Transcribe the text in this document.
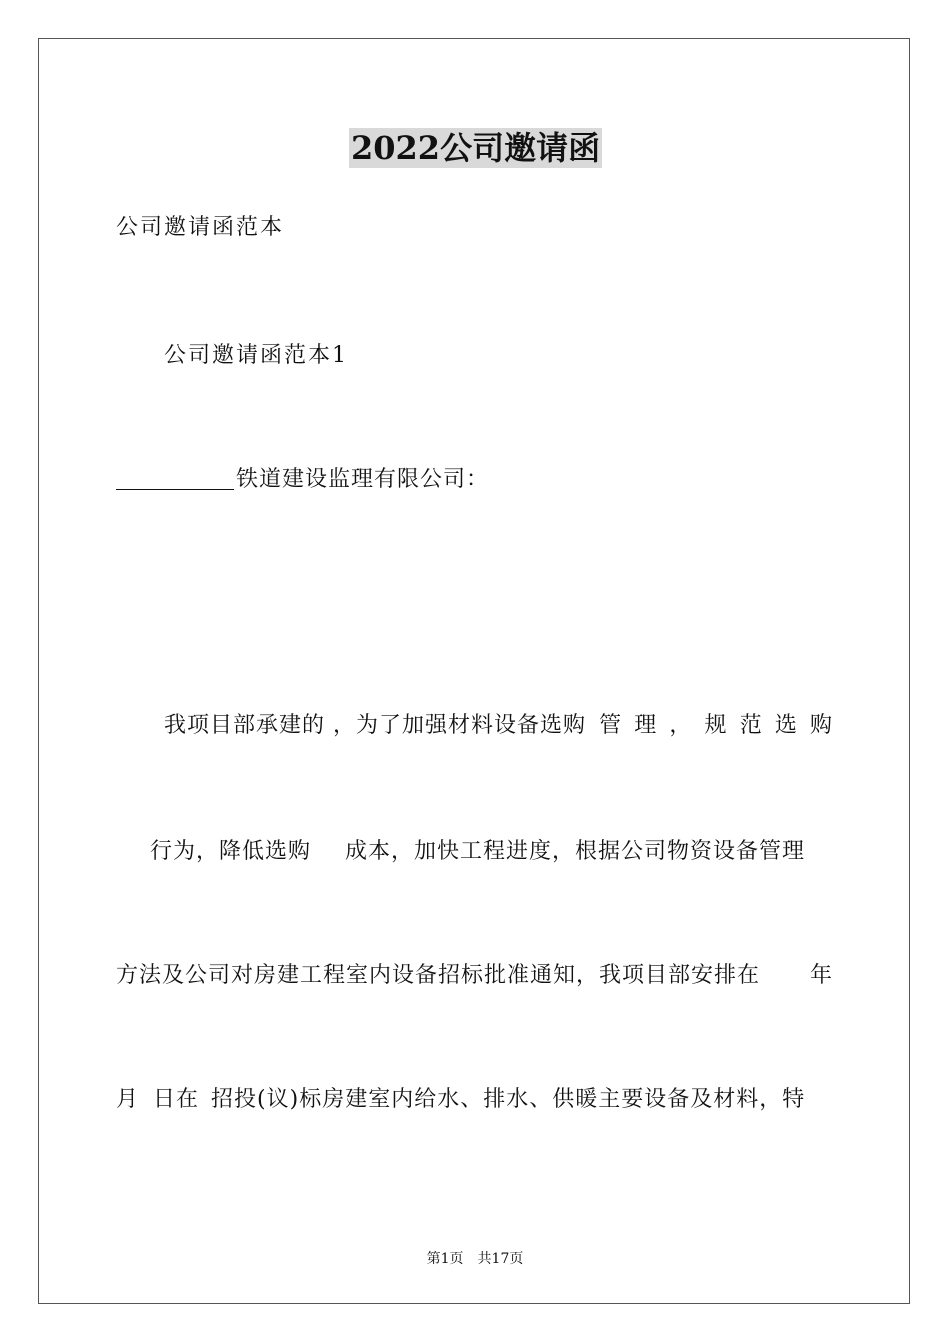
2022公司邀请函
公司邀请函范本
公司邀请函范本1
铁道建设监理有限公司：
我项目部承建的 ，为了加强材料设备选购 管 理 ， 规 范 选 购
行为，降低选购 成本，加快工程进度，根据公司物资设备管理
方法及公司对房建工程室内设备招标批准通知，我项目部安排在 年
月 日在 招投(议)标房建室内给水、排水、供暖主要设备及材料，特
第1页　共17页
